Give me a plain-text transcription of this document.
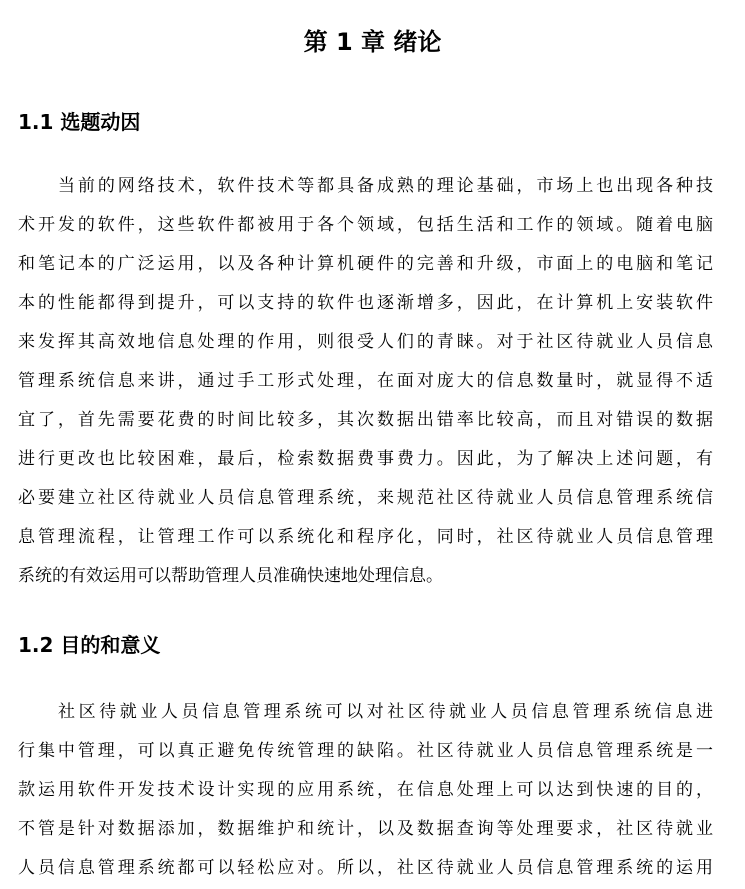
第 1 章 绪论
1.1 选题动因
当前的网络技术，软件技术等都具备成熟的理论基础，市场上也出现各种技
术开发的软件，这些软件都被用于各个领域，包括生活和工作的领域。随着电脑
和笔记本的广泛运用，以及各种计算机硬件的完善和升级，市面上的电脑和笔记
本的性能都得到提升，可以支持的软件也逐渐增多，因此，在计算机上安装软件
来发挥其高效地信息处理的作用，则很受人们的青睐。对于社区待就业人员信息
管理系统信息来讲，通过手工形式处理，在面对庞大的信息数量时，就显得不适
宜了，首先需要花费的时间比较多，其次数据出错率比较高，而且对错误的数据
进行更改也比较困难，最后，检索数据费事费力。因此，为了解决上述问题，有
必要建立社区待就业人员信息管理系统，来规范社区待就业人员信息管理系统信
息管理流程，让管理工作可以系统化和程序化，同时，社区待就业人员信息管理
系统的有效运用可以帮助管理人员准确快速地处理信息。
1.2 目的和意义
社区待就业人员信息管理系统可以对社区待就业人员信息管理系统信息进
行集中管理，可以真正避免传统管理的缺陷。社区待就业人员信息管理系统是一
款运用软件开发技术设计实现的应用系统，在信息处理上可以达到快速的目的，
不管是针对数据添加，数据维护和统计，以及数据查询等处理要求，社区待就业
人员信息管理系统都可以轻松应对。所以，社区待就业人员信息管理系统的运用
